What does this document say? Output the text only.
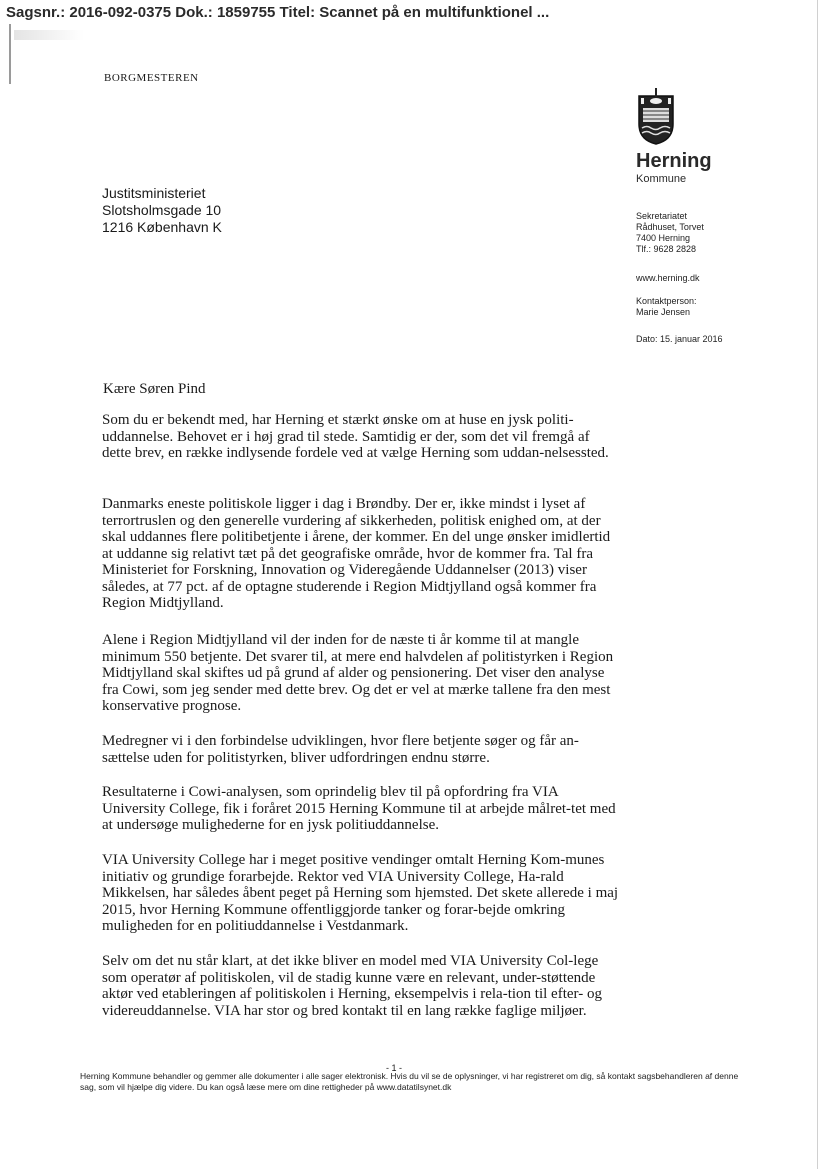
Sagsnr.: 2016-092-0375 Dok.: 1859755 Titel: Scannet på en multifunktionel ...
BORGMESTEREN
Herning
Kommune
Justitsministeriet
Slotsholmsgade 10
1216 København K
Sekretariatet
Rådhuset, Torvet
7400 Herning
Tlf.: 9628 2828
www.herning.dk
Kontaktperson:
Marie Jensen
Dato: 15. januar 2016
Kære Søren Pind
Som du er bekendt med, har Herning et stærkt ønske om at huse en jysk politi-uddannelse. Behovet er i høj grad til stede. Samtidig er der, som det vil fremgå af dette brev, en række indlysende fordele ved at vælge Herning som uddan-nelsessted.
Danmarks eneste politiskole ligger i dag i Brøndby. Der er, ikke mindst i lyset af terrortruslen og den generelle vurdering af sikkerheden, politisk enighed om, at der skal uddannes flere politibetjente i årene, der kommer. En del unge ønsker imidlertid at uddanne sig relativt tæt på det geografiske område, hvor de kommer fra. Tal fra Ministeriet for Forskning, Innovation og Videregående Uddannelser (2013) viser således, at 77 pct. af de optagne studerende i Region Midtjylland også kommer fra Region Midtjylland.
Alene i Region Midtjylland vil der inden for de næste ti år komme til at mangle minimum 550 betjente. Det svarer til, at mere end halvdelen af politistyrken i Region Midtjylland skal skiftes ud på grund af alder og pensionering. Det viser den analyse fra Cowi, som jeg sender med dette brev. Og det er vel at mærke tallene fra den mest konservative prognose.
Medregner vi i den forbindelse udviklingen, hvor flere betjente søger og får an-sættelse uden for politistyrken, bliver udfordringen endnu større.
Resultaterne i Cowi-analysen, som oprindelig blev til på opfordring fra VIA University College, fik i foråret 2015 Herning Kommune til at arbejde målret-tet med at undersøge mulighederne for en jysk politiuddannelse.
VIA University College har i meget positive vendinger omtalt Herning Kom-munes initiativ og grundige forarbejde. Rektor ved VIA University College, Ha-rald Mikkelsen, har således åbent peget på Herning som hjemsted. Det skete allerede i maj 2015, hvor Herning Kommune offentliggjorde tanker og forar-bejde omkring muligheden for en politiuddannelse i Vestdanmark.
Selv om det nu står klart, at det ikke bliver en model med VIA University Col-lege som operatør af politiskolen, vil de stadig kunne være en relevant, under-støttende aktør ved etableringen af politiskolen i Herning, eksempelvis i rela-tion til efter- og videreuddannelse. VIA har stor og bred kontakt til en lang række faglige miljøer.
- 1 -
Herning Kommune behandler og gemmer alle dokumenter i alle sager elektronisk. Hvis du vil se de oplysninger, vi har registreret om dig, så kontakt sagsbehandleren af denne sag, som vil hjælpe dig videre. Du kan også læse mere om dine rettigheder på www.datatilsynet.dk
